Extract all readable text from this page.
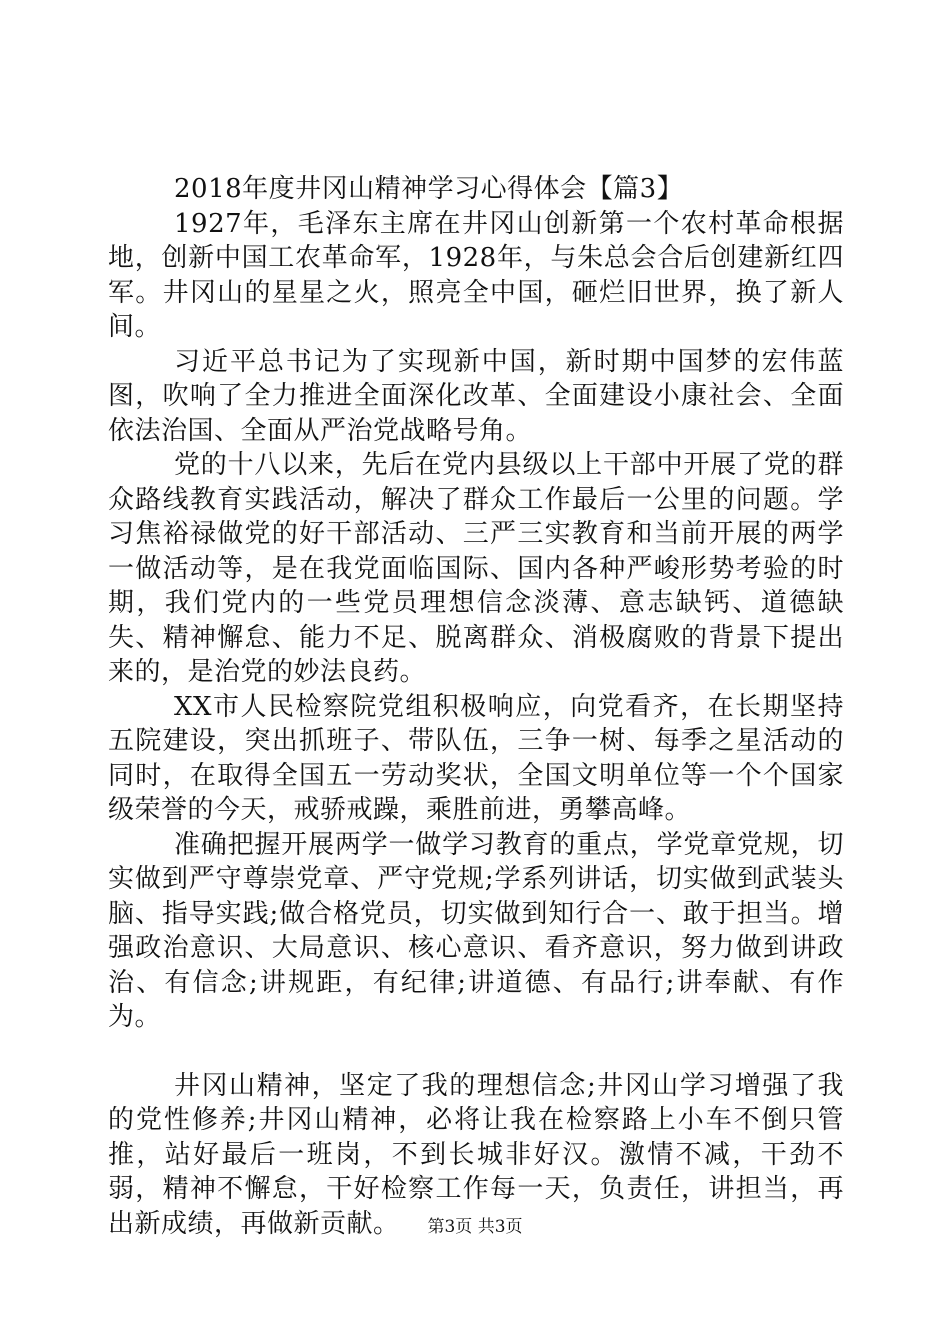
2018年度井冈山精神学习心得体会【篇3】

1927年，毛泽东主席在井冈山创新第一个农村革命根据地，创新中国工农革命军，1928年，与朱总会合后创建新红四军。井冈山的星星之火，照亮全中国，砸烂旧世界，换了新人间。

习近平总书记为了实现新中国，新时期中国梦的宏伟蓝图，吹响了全力推进全面深化改革、全面建设小康社会、全面依法治国、全面从严治党战略号角。

党的十八以来，先后在党内县级以上干部中开展了党的群众路线教育实践活动，解决了群众工作最后一公里的问题。学习焦裕禄做党的好干部活动、三严三实教育和当前开展的两学一做活动等，是在我党面临国际、国内各种严峻形势考验的时期，我们党内的一些党员理想信念淡薄、意志缺钙、道德缺失、精神懈怠、能力不足、脱离群众、消极腐败的背景下提出来的，是治党的妙法良药。

XX市人民检察院党组积极响应，向党看齐，在长期坚持五院建设，突出抓班子、带队伍，三争一树、每季之星活动的同时，在取得全国五一劳动奖状，全国文明单位等一个个国家级荣誉的今天，戒骄戒躁，乘胜前进，勇攀高峰。

准确把握开展两学一做学习教育的重点，学党章党规，切实做到严守尊崇党章、严守党规;学系列讲话，切实做到武装头脑、指导实践;做合格党员，切实做到知行合一、敢于担当。增强政治意识、大局意识、核心意识、看齐意识，努力做到讲政治、有信念;讲规距，有纪律;讲道德、有品行;讲奉献、有作为。

井冈山精神，坚定了我的理想信念;井冈山学习增强了我的党性修养;井冈山精神，必将让我在检察路上小车不倒只管推，站好最后一班岗，不到长城非好汉。激情不减，干劲不弱，精神不懈怠，干好检察工作每一天，负责任，讲担当，再出新成绩，再做新贡献。	第3页 共3页
